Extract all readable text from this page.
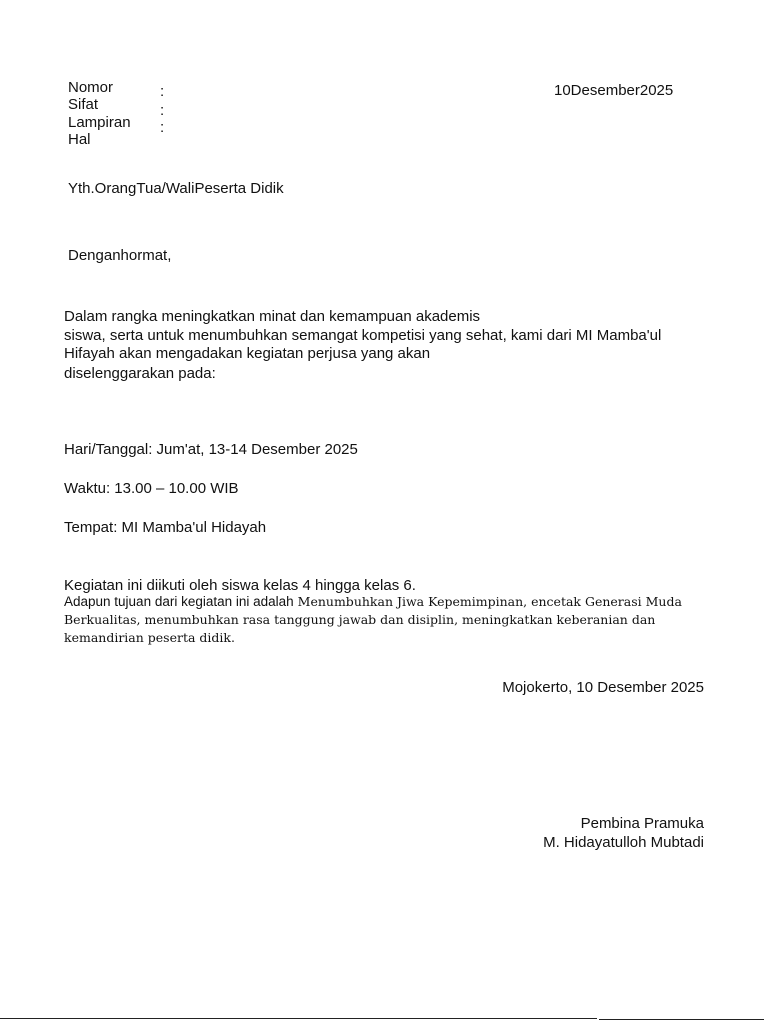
Nomor
Sifat
Lampiran
Hal
:
:
:
10Desember2025
Yth.OrangTua/WaliPeserta Didik
Denganhormat,
Dalam rangka meningkatkan minat dan kemampuan akademis
siswa, serta untuk menumbuhkan semangat kompetisi yang sehat, kami dari MI Mamba'ul
Hifayah akan mengadakan kegiatan perjusa yang akan
diselenggarakan pada:
Hari/Tanggal: Jum'at, 13-14 Desember 2025
Waktu: 13.00 – 10.00 WIB
Tempat: MI Mamba'ul Hidayah
Kegiatan ini diikuti oleh siswa kelas 4 hingga kelas 6.
Adapun tujuan dari kegiatan ini adalah Menumbuhkan Jiwa Kepemimpinan, encetak Generasi Muda
Berkualitas, menumbuhkan rasa tanggung jawab dan disiplin, meningkatkan keberanian dan
kemandirian peserta didik.
Mojokerto, 10 Desember 2025
Pembina Pramuka
M. Hidayatulloh Mubtadi
